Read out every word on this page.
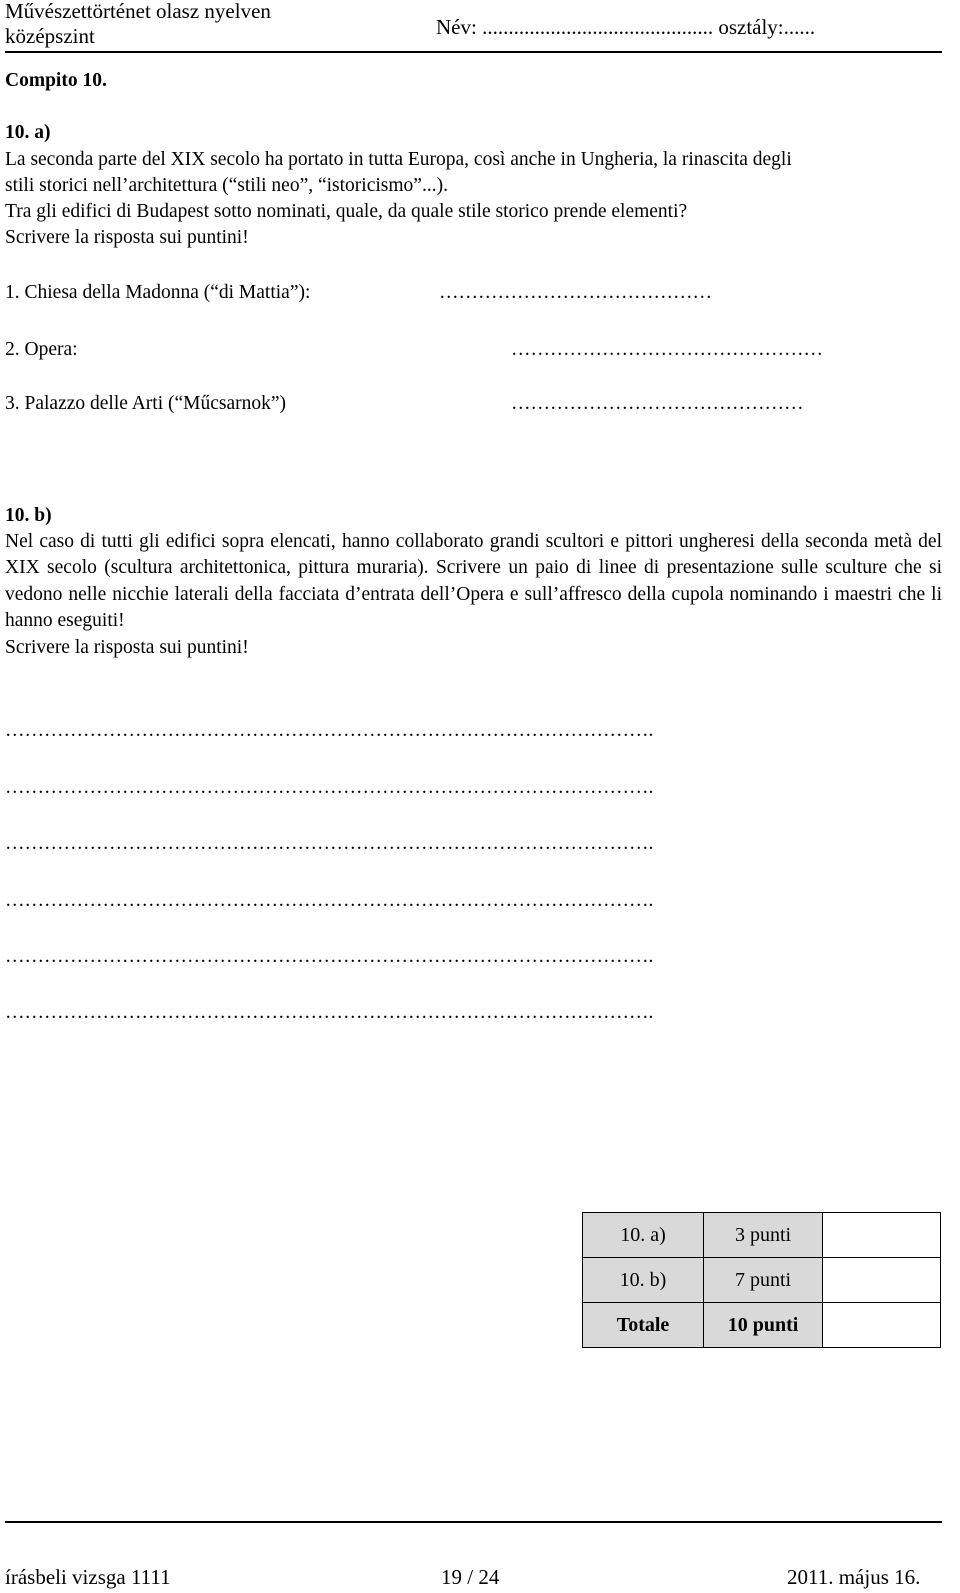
Művészettörténet olasz nyelven
középszint	Név: ............................................ osztály:......
Compito 10.
10. a)
La seconda parte del XIX secolo ha portato in tutta Europa, così anche in Ungheria, la rinascita degli
stili storici nell’architettura (“stili neo”, “istoricismo”...).
Tra gli edifici di Budapest sotto nominati, quale, da quale stile storico prende elementi?
Scrivere la risposta sui puntini!
1. Chiesa della Madonna (“di Mattia”):	……………………………………
2. Opera:	…………………………………………
3. Palazzo delle Arti (“Műcsarnok”)	………………………………………
10. b)
Nel caso di tutti gli edifici sopra elencati, hanno collaborato grandi scultori e pittori ungheresi della seconda metà del XIX secolo (scultura architettonica, pittura muraria). Scrivere un paio di linee di presentazione sulle sculture che si vedono nelle nicchie laterali della facciata d’entrata dell’Opera e sull’affresco della cupola nominando i maestri che li hanno eseguiti!
Scrivere la risposta sui puntini!
……………………………………………………………………………………….
……………………………………………………………………………………….
……………………………………………………………………………………….
……………………………………………………………………………………….
……………………………………………………………………………………….
……………………………………………………………………………………….
10. a)	3 punti	
10. b)	7 punti	
Totale	10 punti	
írásbeli vizsga 1111	19 / 24	2011. május 16.
